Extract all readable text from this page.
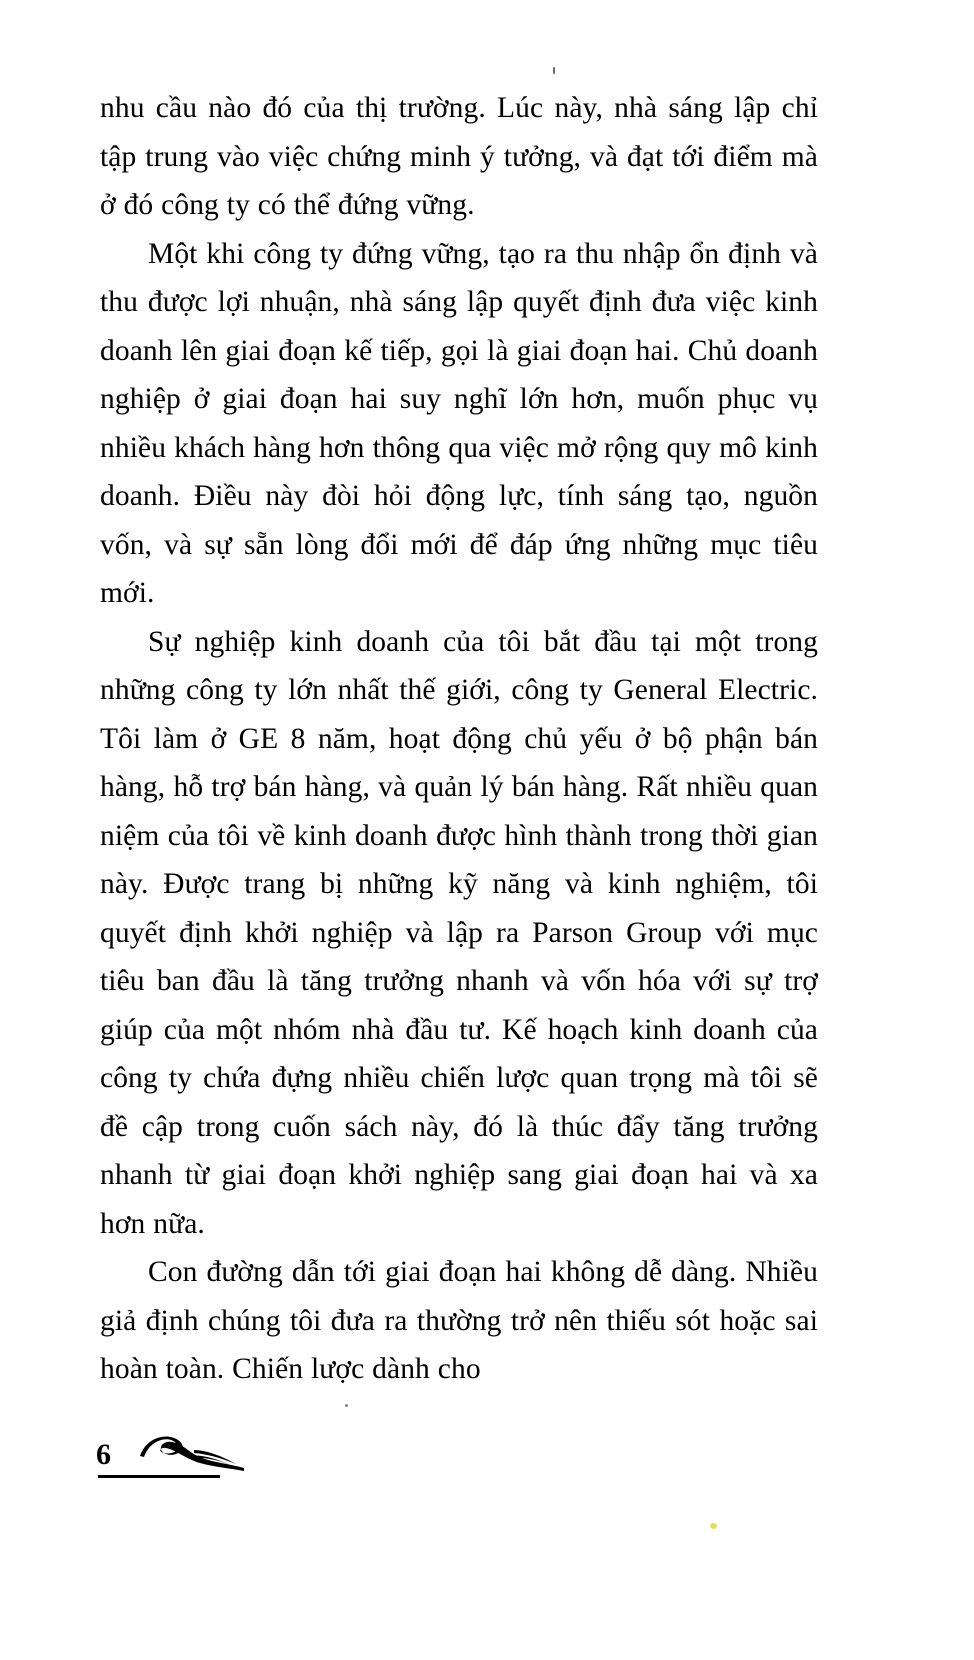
nhu cầu nào đó của thị trường. Lúc này, nhà sáng lập chỉ tập trung vào việc chứng minh ý tưởng, và đạt tới điểm mà ở đó công ty có thể đứng vững.

Một khi công ty đứng vững, tạo ra thu nhập ổn định và thu được lợi nhuận, nhà sáng lập quyết định đưa việc kinh doanh lên giai đoạn kế tiếp, gọi là giai đoạn hai. Chủ doanh nghiệp ở giai đoạn hai suy nghĩ lớn hơn, muốn phục vụ nhiều khách hàng hơn thông qua việc mở rộng quy mô kinh doanh. Điều này đòi hỏi động lực, tính sáng tạo, nguồn vốn, và sự sẵn lòng đổi mới để đáp ứng những mục tiêu mới.

Sự nghiệp kinh doanh của tôi bắt đầu tại một trong những công ty lớn nhất thế giới, công ty General Electric. Tôi làm ở GE 8 năm, hoạt động chủ yếu ở bộ phận bán hàng, hỗ trợ bán hàng, và quản lý bán hàng. Rất nhiều quan niệm của tôi về kinh doanh được hình thành trong thời gian này. Được trang bị những kỹ năng và kinh nghiệm, tôi quyết định khởi nghiệp và lập ra Parson Group với mục tiêu ban đầu là tăng trưởng nhanh và vốn hóa với sự trợ giúp của một nhóm nhà đầu tư. Kế hoạch kinh doanh của công ty chứa đựng nhiều chiến lược quan trọng mà tôi sẽ đề cập trong cuốn sách này, đó là thúc đẩy tăng trưởng nhanh từ giai đoạn khởi nghiệp sang giai đoạn hai và xa hơn nữa.

Con đường dẫn tới giai đoạn hai không dễ dàng. Nhiều giả định chúng tôi đưa ra thường trở nên thiếu sót hoặc sai hoàn toàn. Chiến lược dành cho

6
